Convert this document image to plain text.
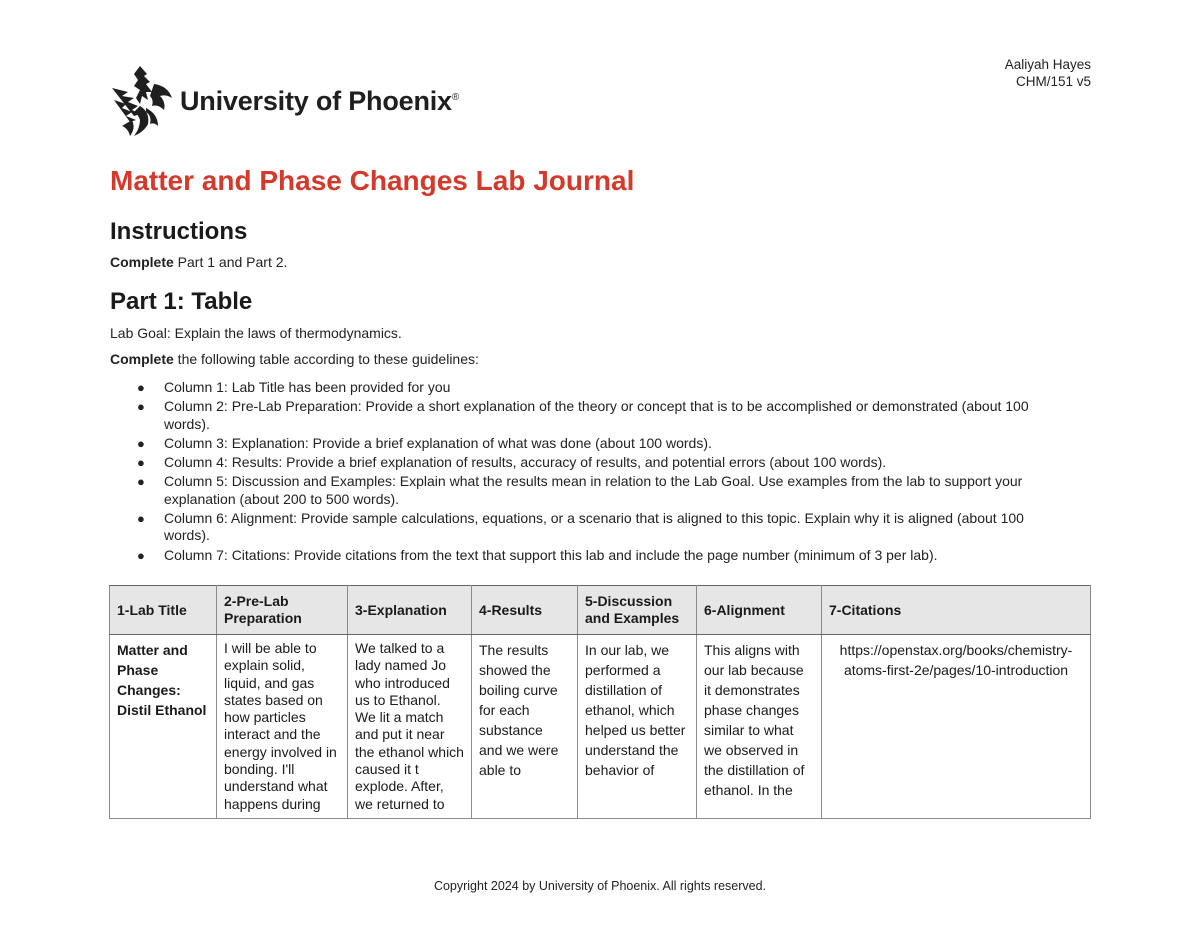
Aaliyah Hayes
CHM/151 v5
University of Phoenix®
Matter and Phase Changes Lab Journal
Instructions

Complete Part 1 and Part 2.

Part 1: Table

Lab Goal: Explain the laws of thermodynamics.

Complete the following table according to these guidelines:

● Column 1: Lab Title has been provided for you
● Column 2: Pre-Lab Preparation: Provide a short explanation of the theory or concept that is to be accomplished or demonstrated (about 100 words).
● Column 3: Explanation: Provide a brief explanation of what was done (about 100 words).
● Column 4: Results: Provide a brief explanation of results, accuracy of results, and potential errors (about 100 words).
● Column 5: Discussion and Examples: Explain what the results mean in relation to the Lab Goal. Use examples from the lab to support your explanation (about 200 to 500 words).
● Column 6: Alignment: Provide sample calculations, equations, or a scenario that is aligned to this topic. Explain why it is aligned (about 100 words).
● Column 7: Citations: Provide citations from the text that support this lab and include the page number (minimum of 3 per lab).
1-Lab Title	2-Pre-Lab Preparation	3-Explanation	4-Results	5-Discussion and Examples	6-Alignment	7-Citations
Matter and Phase Changes: Distil Ethanol	I will be able to explain solid, liquid, and gas states based on how particles interact and the energy involved in bonding. I'll understand what happens during	We talked to a lady named Jo who introduced us to Ethanol. We lit a match and put it near the ethanol which caused it t explode. After, we returned to	The results showed the boiling curve for each substance and we were able to	In our lab, we performed a distillation of ethanol, which helped us better understand the behavior of	This aligns with our lab because it demonstrates phase changes similar to what we observed in the distillation of ethanol. In the	https://openstax.org/books/chemistry-atoms-first-2e/pages/10-introduction
Copyright 2024 by University of Phoenix. All rights reserved.
